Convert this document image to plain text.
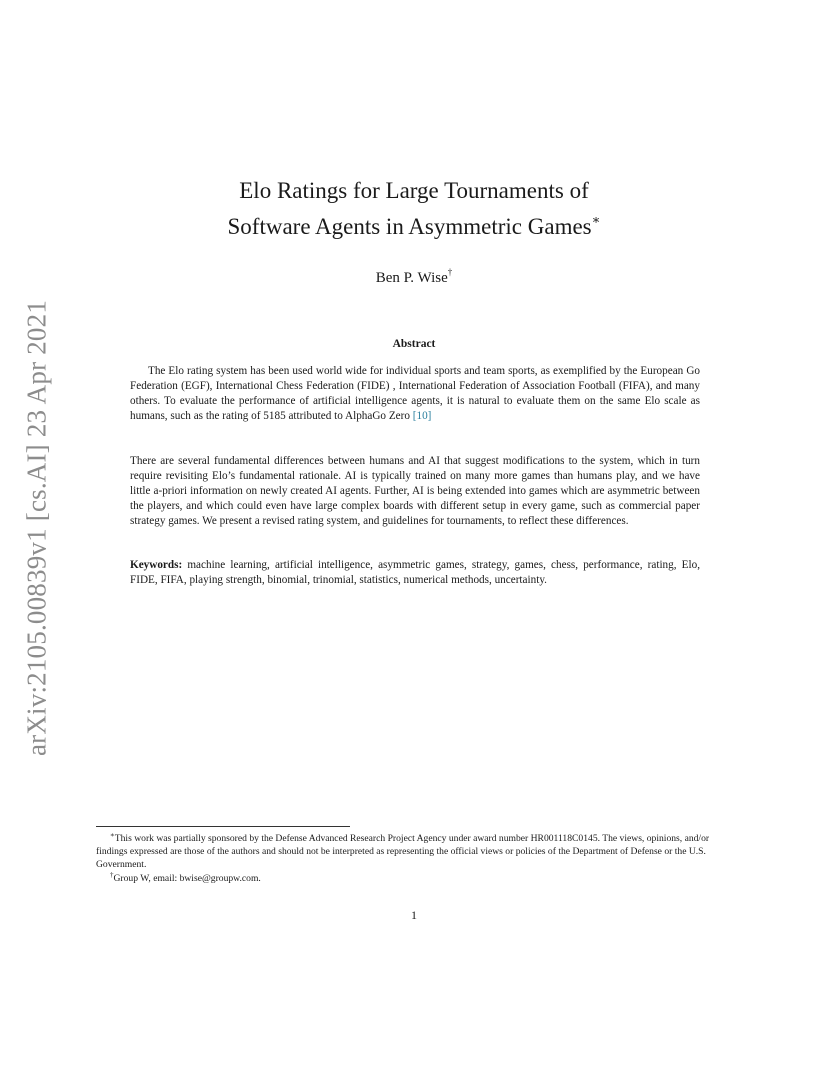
arXiv:2105.00839v1 [cs.AI] 23 Apr 2021
Elo Ratings for Large Tournaments of
Software Agents in Asymmetric Games∗
Ben P. Wise†
Abstract

The Elo rating system has been used world wide for individual sports and team sports, as exemplified by the European Go Federation (EGF), International Chess Federation (FIDE) , International Federation of Association Football (FIFA), and many others. To evaluate the performance of artificial intelligence agents, it is natural to evaluate them on the same Elo scale as humans, such as the rating of 5185 attributed to AlphaGo Zero [10]

There are several fundamental differences between humans and AI that suggest modifications to the system, which in turn require revisiting Elo’s fundamental rationale. AI is typically trained on many more games than humans play, and we have little a-priori information on newly created AI agents. Further, AI is being extended into games which are asymmetric between the players, and which could even have large complex boards with different setup in every game, such as commercial paper strategy games. We present a revised rating system, and guidelines for tournaments, to reflect these differences.

Keywords: machine learning, artificial intelligence, asymmetric games, strategy, games, chess, performance, rating, Elo, FIDE, FIFA, playing strength, binomial, trinomial, statistics, numerical methods, uncertainty.

∗This work was partially sponsored by the Defense Advanced Research Project Agency under award number HR001118C0145. The views, opinions, and/or findings expressed are those of the authors and should not be interpreted as representing the official views or policies of the Department of Defense or the U.S. Government.

†Group W, email: bwise@groupw.com.

1
